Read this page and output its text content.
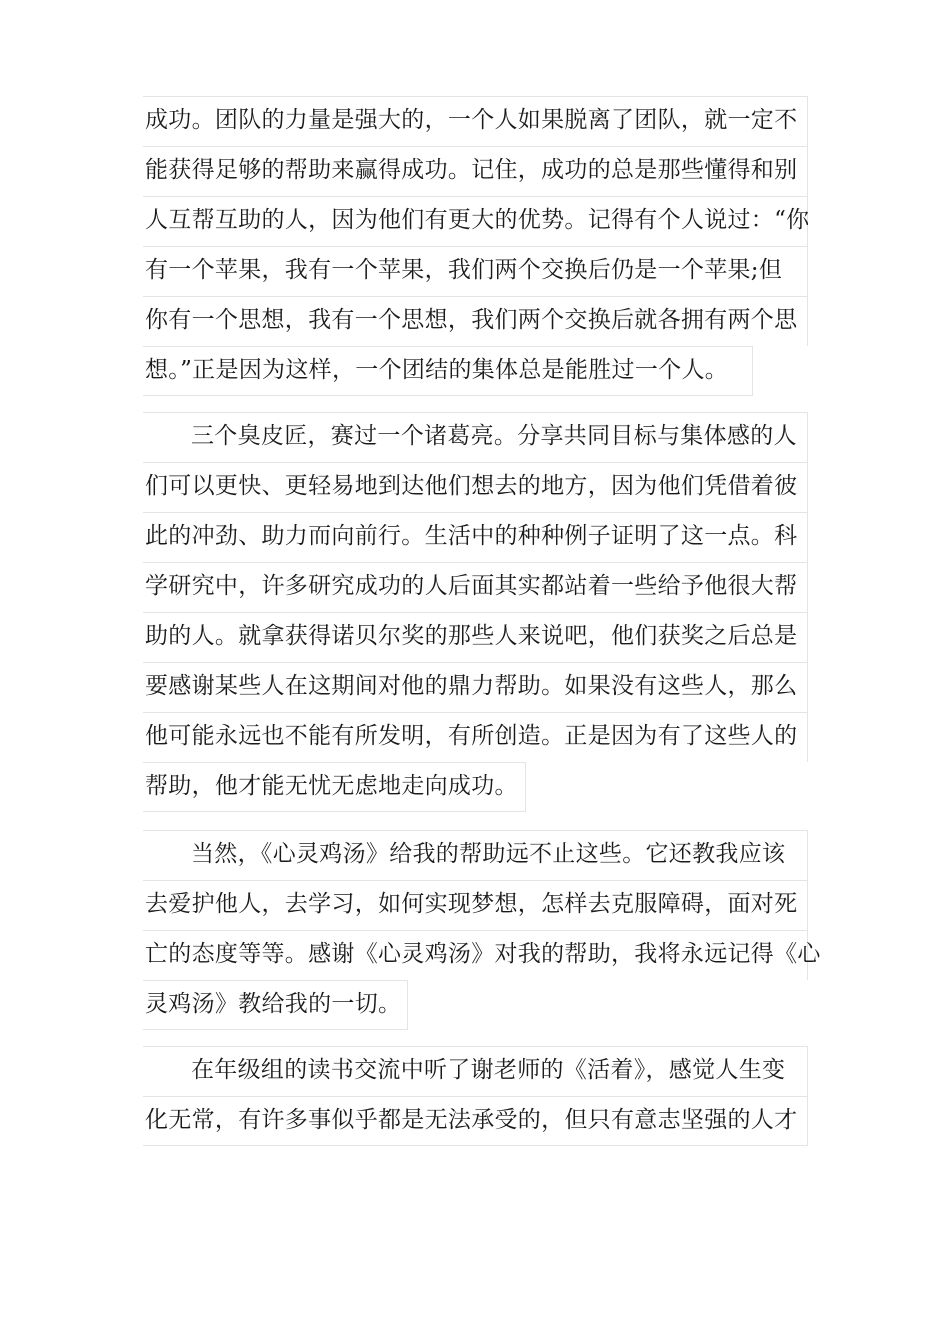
成功。团队的力量是强大的，一个人如果脱离了团队，就一定不
能获得足够的帮助来赢得成功。记住，成功的总是那些懂得和别
人互帮互助的人，因为他们有更大的优势。记得有个人说过：“你
有一个苹果，我有一个苹果，我们两个交换后仍是一个苹果;但
你有一个思想，我有一个思想，我们两个交换后就各拥有两个思
想。”正是因为这样，一个团结的集体总是能胜过一个人。
三个臭皮匠，赛过一个诸葛亮。分享共同目标与集体感的人
们可以更快、更轻易地到达他们想去的地方，因为他们凭借着彼
此的冲劲、助力而向前行。生活中的种种例子证明了这一点。科
学研究中，许多研究成功的人后面其实都站着一些给予他很大帮
助的人。就拿获得诺贝尔奖的那些人来说吧，他们获奖之后总是
要感谢某些人在这期间对他的鼎力帮助。如果没有这些人，那么
他可能永远也不能有所发明，有所创造。正是因为有了这些人的
帮助，他才能无忧无虑地走向成功。
当然，《心灵鸡汤》给我的帮助远不止这些。它还教我应该
去爱护他人，去学习，如何实现梦想，怎样去克服障碍，面对死
亡的态度等等。感谢《心灵鸡汤》对我的帮助，我将永远记得《心
灵鸡汤》教给我的一切。
在年级组的读书交流中听了谢老师的《活着》，感觉人生变
化无常，有许多事似乎都是无法承受的，但只有意志坚强的人才
